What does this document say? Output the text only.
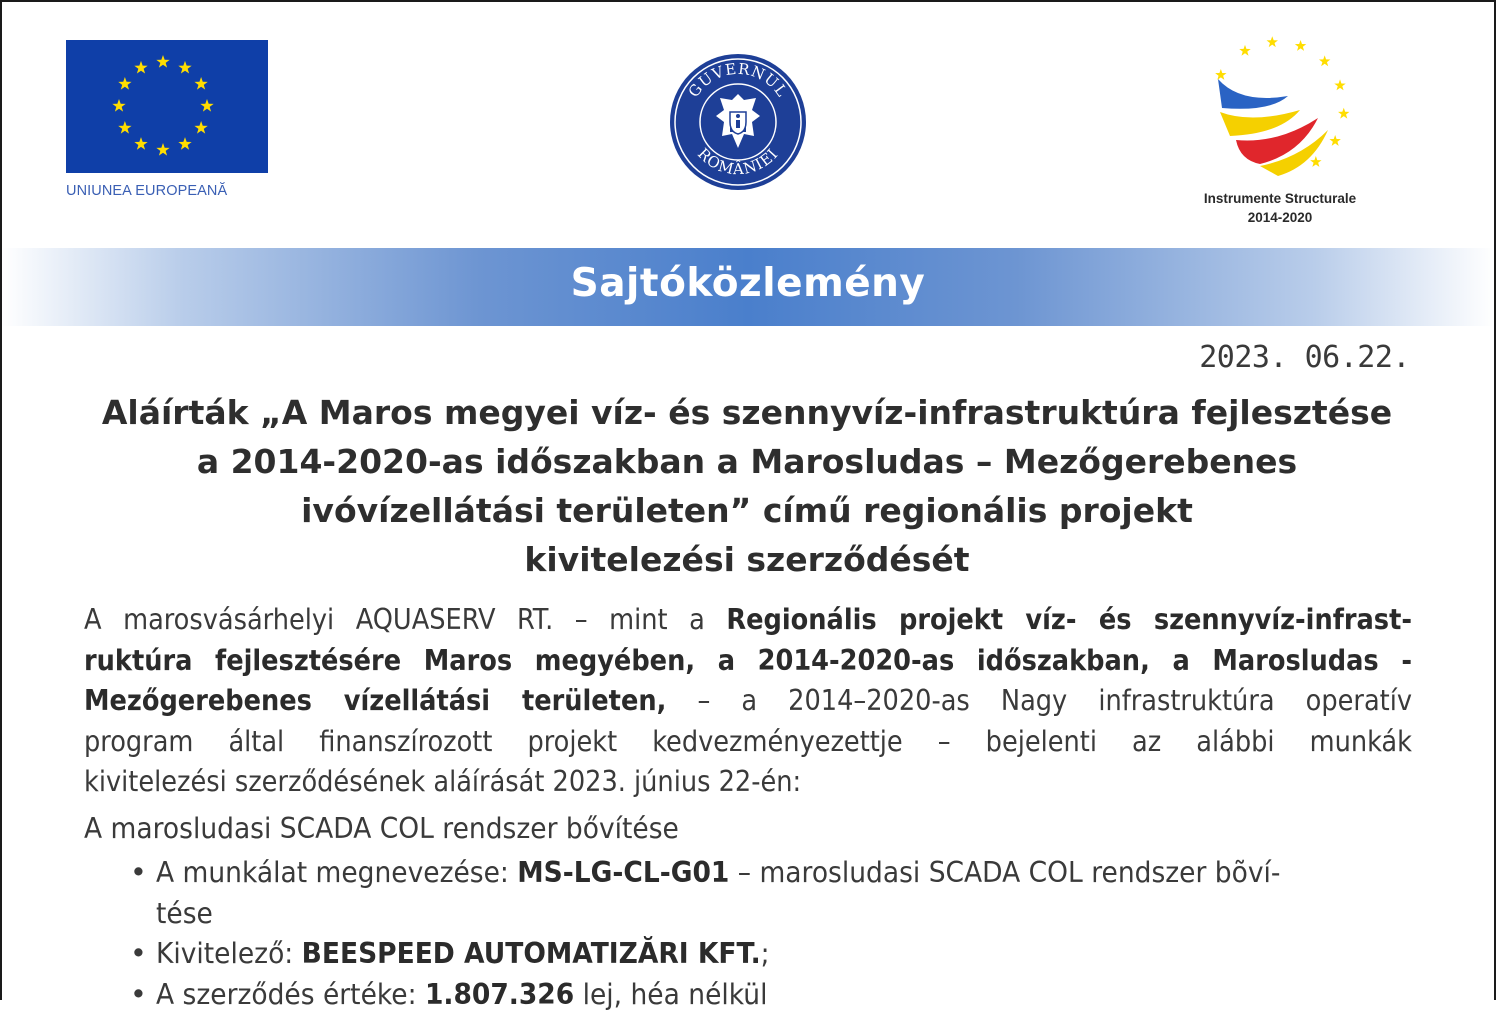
UNIUNEA EUROPEANĂ
GUVERNUL
ROMÂNIEI
Instrumente Structurale
2014-2020
Sajtóközlemény
2023. 06.22.
Aláírták „A Maros megyei víz- és szennyvíz-infrastruktúra fejlesztése
a 2014-2020-as időszakban a Marosludas – Mezőgerebenes
ivóvízellátási területen” című regionális projekt
kivitelezési szerződését
A marosvásárhelyi AQUASERV RT. – mint a Regionális projekt víz- és szennyvíz-infrast-
ruktúra fejlesztésére Maros megyében, a 2014-2020-as időszakban, a Marosludas -
Mezőgerebenes vízellátási területen, – a 2014–2020-as Nagy infrastruktúra operatív
program által finanszírozott projekt kedvezményezettje – bejelenti az alábbi munkák
kivitelezési szerződésének aláírását 2023. június 22-én:
A marosludasi SCADA COL rendszer bővítése
• A munkálat megnevezése: MS-LG-CL-G01 – marosludasi SCADA COL rendszer bõví-
tése
• Kivitelező: BEESPEED AUTOMATIZĂRI KFT.;
• A szerződés értéke: 1.807.326 lej, héa nélkül
